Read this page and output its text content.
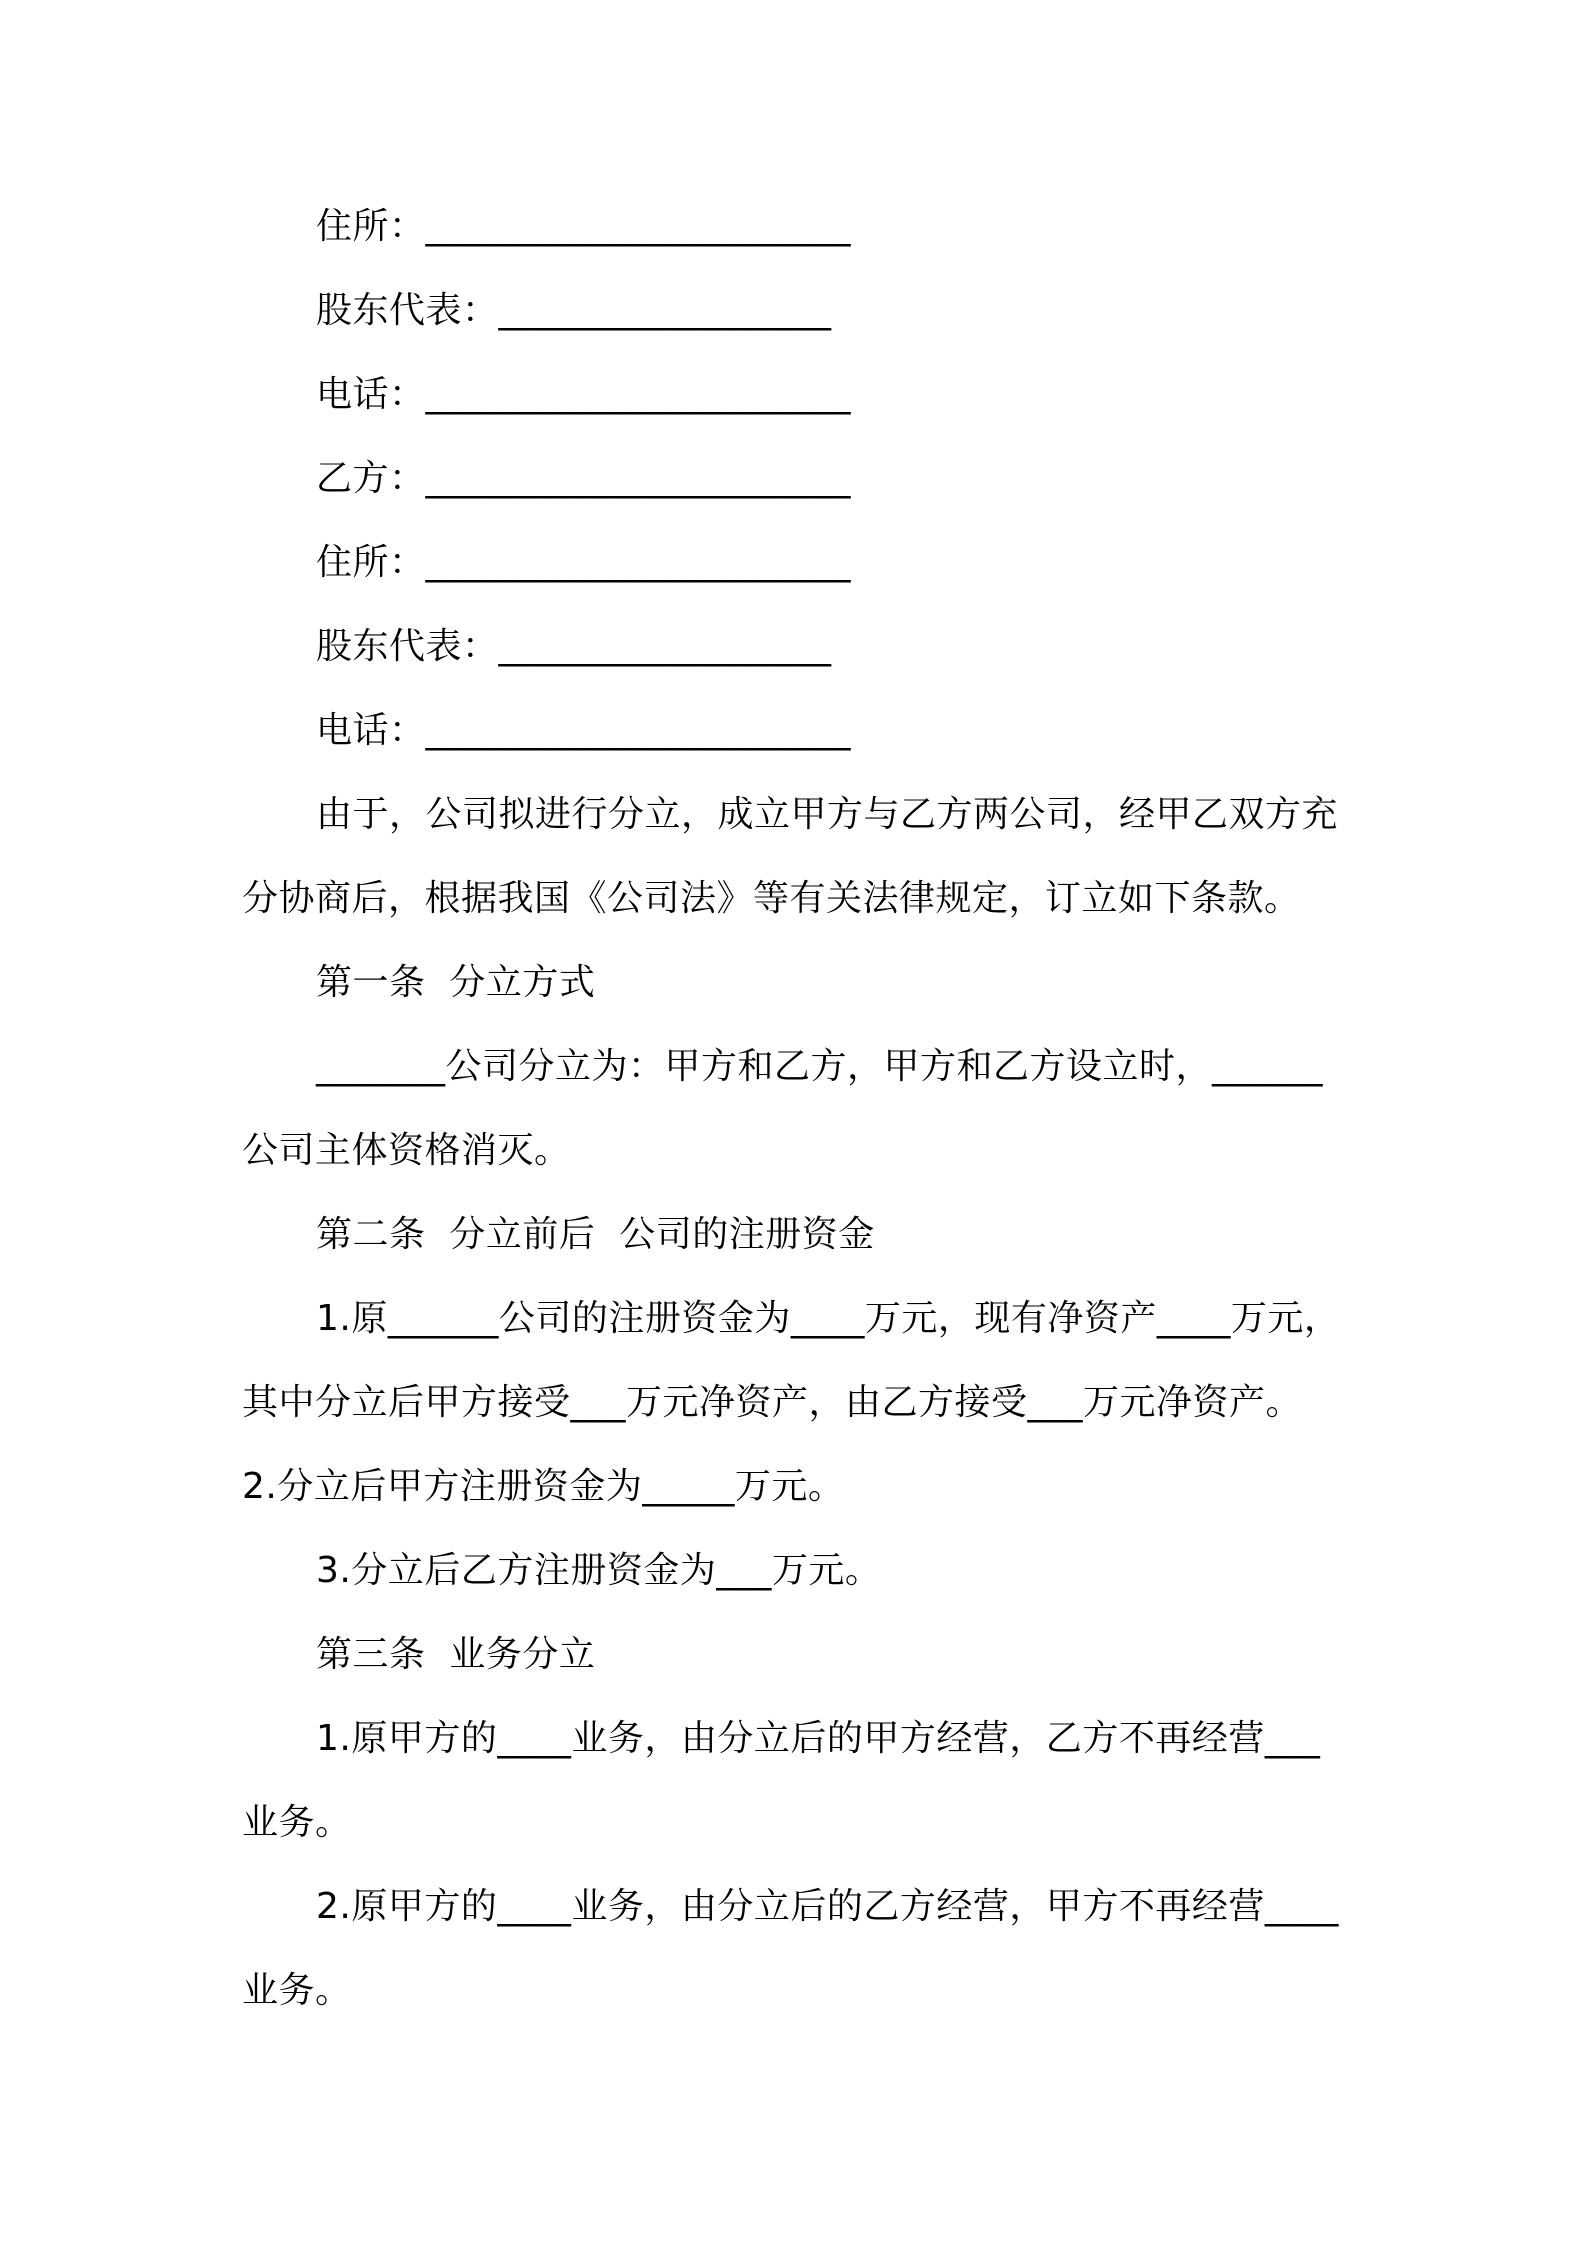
住所：_______________________
股东代表：__________________
电话：_______________________
乙方：_______________________
住所：_______________________
股东代表：__________________
电话：_______________________
由于，公司拟进行分立，成立甲方与乙方两公司，经甲乙双方充
分协商后，根据我国《公司法》等有关法律规定，订立如下条款。
第一条  分立方式
_______公司分立为：甲方和乙方，甲方和乙方设立时，______
公司主体资格消灭。
第二条  分立前后  公司的注册资金
1.原______公司的注册资金为____万元，现有净资产____万元，
其中分立后甲方接受___万元净资产，由乙方接受___万元净资产。
2.分立后甲方注册资金为_____万元。
3.分立后乙方注册资金为___万元。
第三条  业务分立
1.原甲方的____业务，由分立后的甲方经营，乙方不再经营___
业务。
2.原甲方的____业务，由分立后的乙方经营，甲方不再经营____
业务。
